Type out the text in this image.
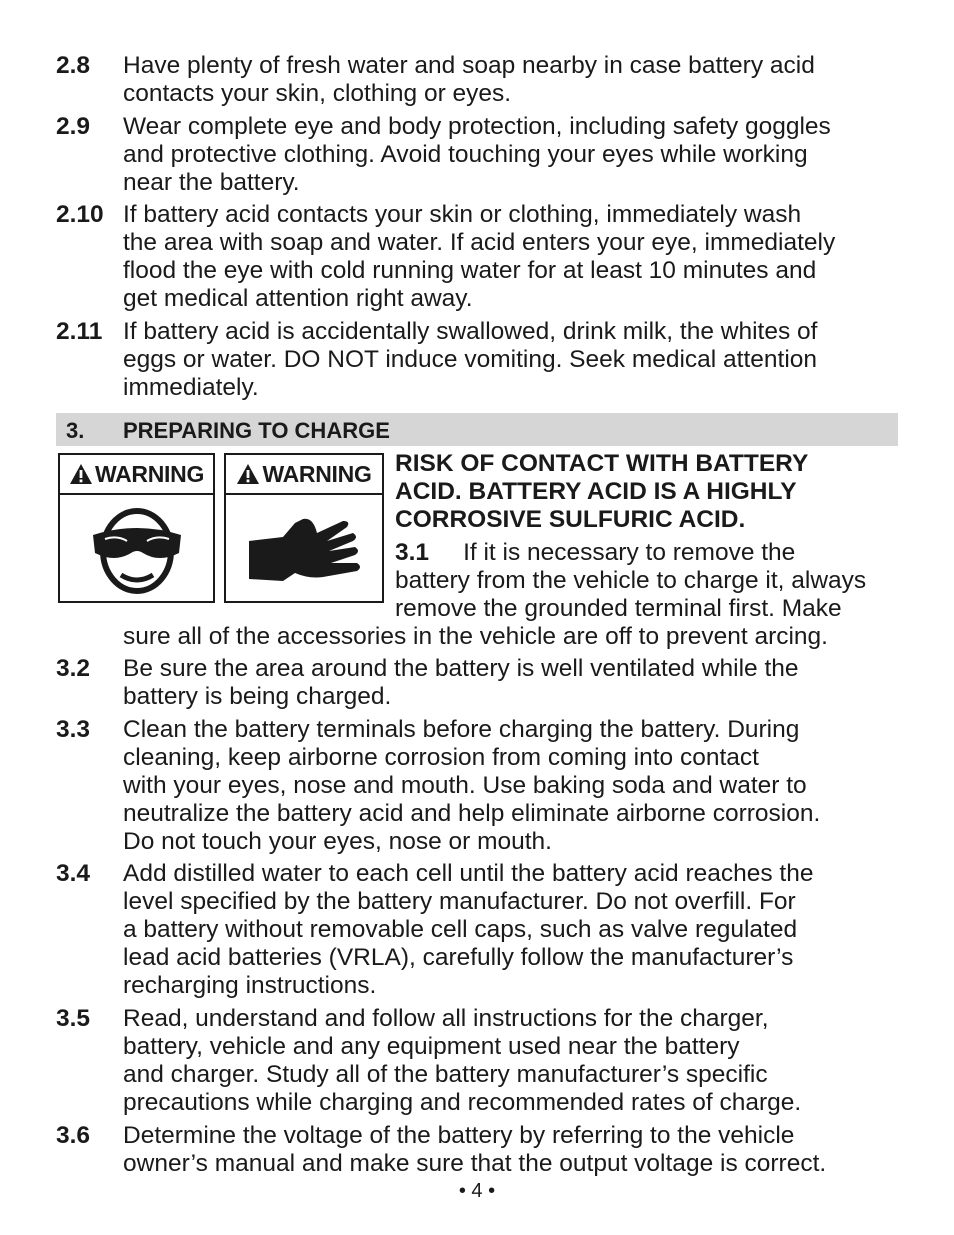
2.8 Have plenty of fresh water and soap nearby in case battery acid
contacts your skin, clothing or eyes.
2.9 Wear complete eye and body protection, including safety goggles
and protective clothing. Avoid touching your eyes while working
near the battery.
2.10 If battery acid contacts your skin or clothing, immediately wash
the area with soap and water. If acid enters your eye, immediately
flood the eye with cold running water for at least 10 minutes and
get medical attention right away.
2.11 If battery acid is accidentally swallowed, drink milk, the whites of
eggs or water. DO NOT induce vomiting. Seek medical attention
immediately.
3. PREPARING TO CHARGE
WARNING	WARNING RISK OF CONTACT WITH BATTERY
ACID. BATTERY ACID IS A HIGHLY
CORROSIVE SULFURIC ACID.
3.1 If it is necessary to remove the
battery from the vehicle to charge it, always
remove the grounded terminal first. Make
sure all of the accessories in the vehicle are off to prevent arcing.
3.2 Be sure the area around the battery is well ventilated while the
battery is being charged.
3.3 Clean the battery terminals before charging the battery. During
cleaning, keep airborne corrosion from coming into contact
with your eyes, nose and mouth. Use baking soda and water to
neutralize the battery acid and help eliminate airborne corrosion.
Do not touch your eyes, nose or mouth.
3.4 Add distilled water to each cell until the battery acid reaches the
level specified by the battery manufacturer. Do not overfill. For
a battery without removable cell caps, such as valve regulated
lead acid batteries (VRLA), carefully follow the manufacturer’s
recharging instructions.
3.5 Read, understand and follow all instructions for the charger,
battery, vehicle and any equipment used near the battery
and charger. Study all of the battery manufacturer’s specific
precautions while charging and recommended rates of charge.
3.6 Determine the voltage of the battery by referring to the vehicle
owner’s manual and make sure that the output voltage is correct.
• 4 •
